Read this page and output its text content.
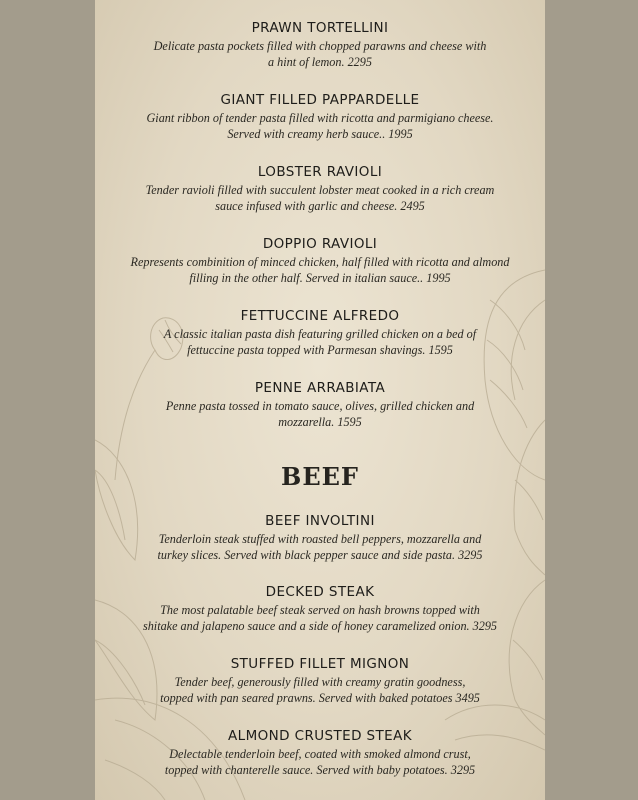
PRAWN TORTELLINI
Delicate pasta pockets filled with chopped parawns and cheese with
a hint of lemon. 2295
GIANT FILLED PAPPARDELLE
Giant ribbon of tender pasta filled with ricotta and parmigiano cheese.
Served with creamy herb sauce.. 1995
LOBSTER RAVIOLI
Tender ravioli filled with succulent lobster meat cooked in a rich cream
sauce infused with garlic and cheese. 2495
DOPPIO RAVIOLI
Represents combinition of minced chicken, half filled with ricotta and almond
filling in the other half. Served in italian sauce.. 1995
FETTUCCINE ALFREDO
A classic italian pasta dish featuring grilled chicken on a bed of
fettuccine pasta topped with Parmesan shavings. 1595
PENNE ARRABIATA
Penne pasta tossed in tomato sauce, olives, grilled chicken and
mozzarella. 1595
BEEF
BEEF INVOLTINI
Tenderloin steak stuffed with roasted bell peppers, mozzarella and
turkey slices. Served with black pepper sauce and side pasta. 3295
DECKED STEAK
The most palatable beef steak served on hash browns topped with
shitake and jalapeno sauce and a side of honey caramelized onion. 3295
STUFFED FILLET MIGNON
Tender beef, generously filled with creamy gratin goodness,
topped with pan seared prawns. Served with baked potatoes 3495
ALMOND CRUSTED STEAK
Delectable tenderloin beef, coated with smoked almond crust,
topped with chanterelle sauce. Served with baby potatoes. 3295
